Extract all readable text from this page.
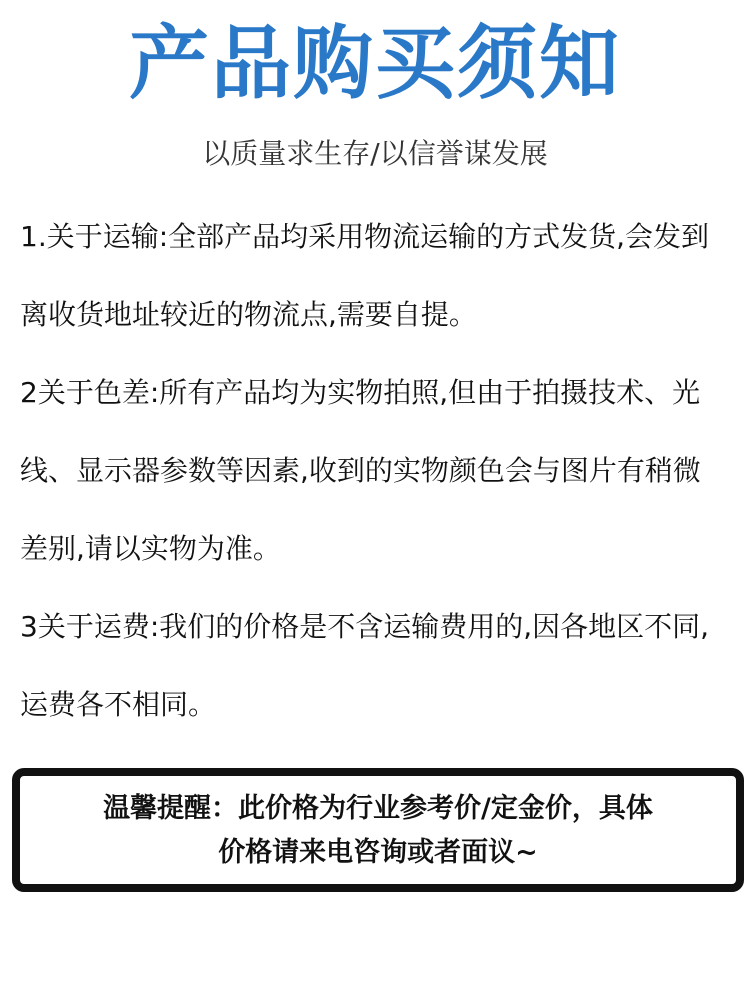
产品购买须知
以质量求生存/以信誉谋发展
1.关于运输:全部产品均采用物流运输的方式发货,会发到
离收货地址较近的物流点,需要自提。
2关于色差:所有产品均为实物拍照,但由于拍摄技术、光
线、显示器参数等因素,收到的实物颜色会与图片有稍微
差别,请以实物为准。
3关于运费:我们的价格是不含运输费用的,因各地区不同,
运费各不相同。
温馨提醒：此价格为行业参考价/定金价，具体
价格请来电咨询或者面议~
